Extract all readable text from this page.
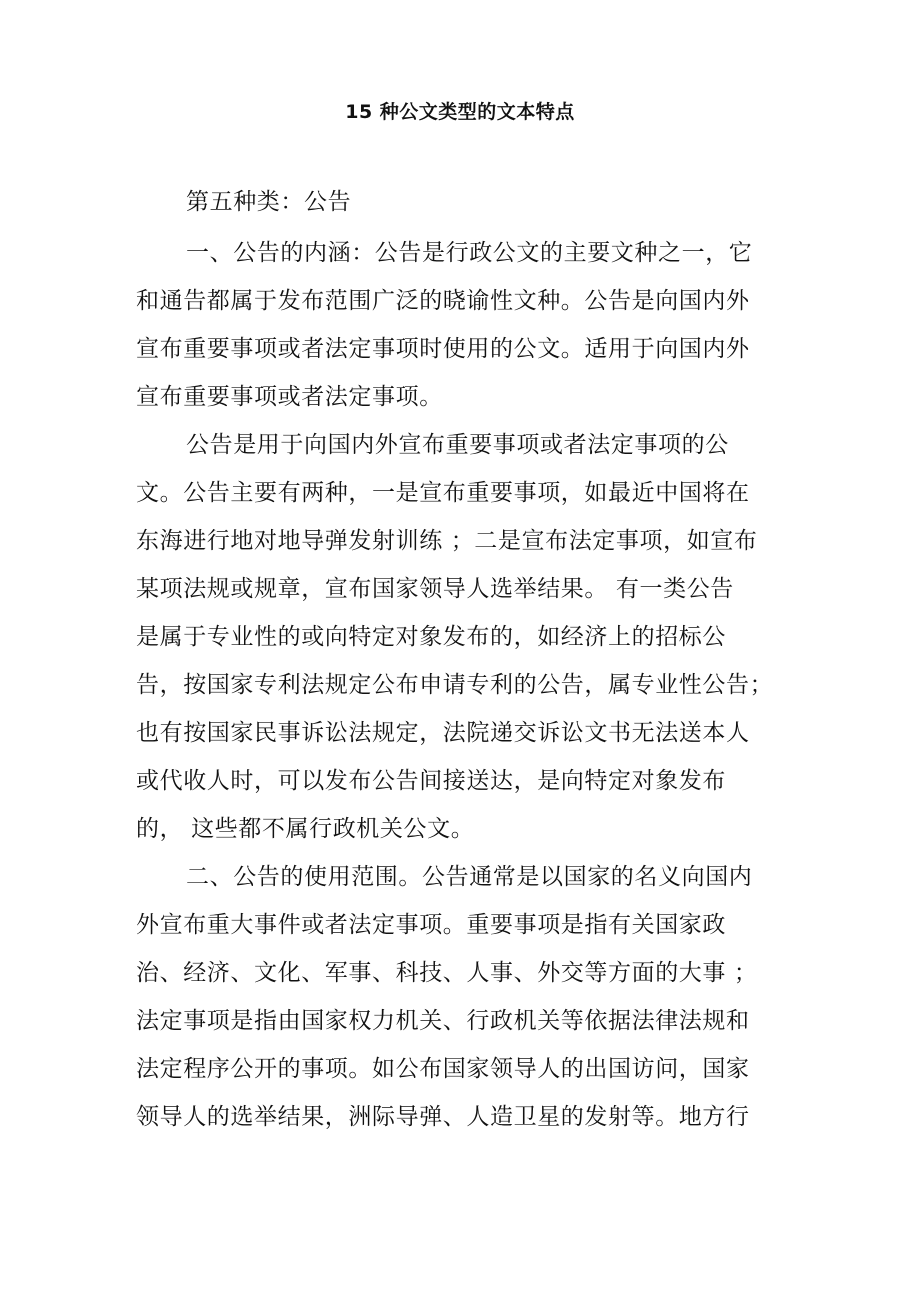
15 种公文类型的文本特点
第五种类：公告
一、公告的内涵：公告是行政公文的主要文种之一，它
和通告都属于发布范围广泛的晓谕性文种。公告是向国内外
宣布重要事项或者法定事项时使用的公文。适用于向国内外
宣布重要事项或者法定事项。
公告是用于向国内外宣布重要事项或者法定事项的公
文。公告主要有两种，一是宣布重要事项，如最近中国将在
东海进行地对地导弹发射训练 ；二是宣布法定事项，如宣布
某项法规或规章，宣布国家领导人选举结果。 有一类公告
是属于专业性的或向特定对象发布的，如经济上的招标公
告，按国家专利法规定公布申请专利的公告，属专业性公告；
也有按国家民事诉讼法规定，法院递交诉讼文书无法送本人
或代收人时，可以发布公告间接送达，是向特定对象发布
的， 这些都不属行政机关公文。
二、公告的使用范围。公告通常是以国家的名义向国内
外宣布重大事件或者法定事项。重要事项是指有关国家政
治、经济、文化、军事、科技、人事、外交等方面的大事 ；
法定事项是指由国家权力机关、行政机关等依据法律法规和
法定程序公开的事项。如公布国家领导人的出国访问，国家
领导人的选举结果，洲际导弹、人造卫星的发射等。地方行
